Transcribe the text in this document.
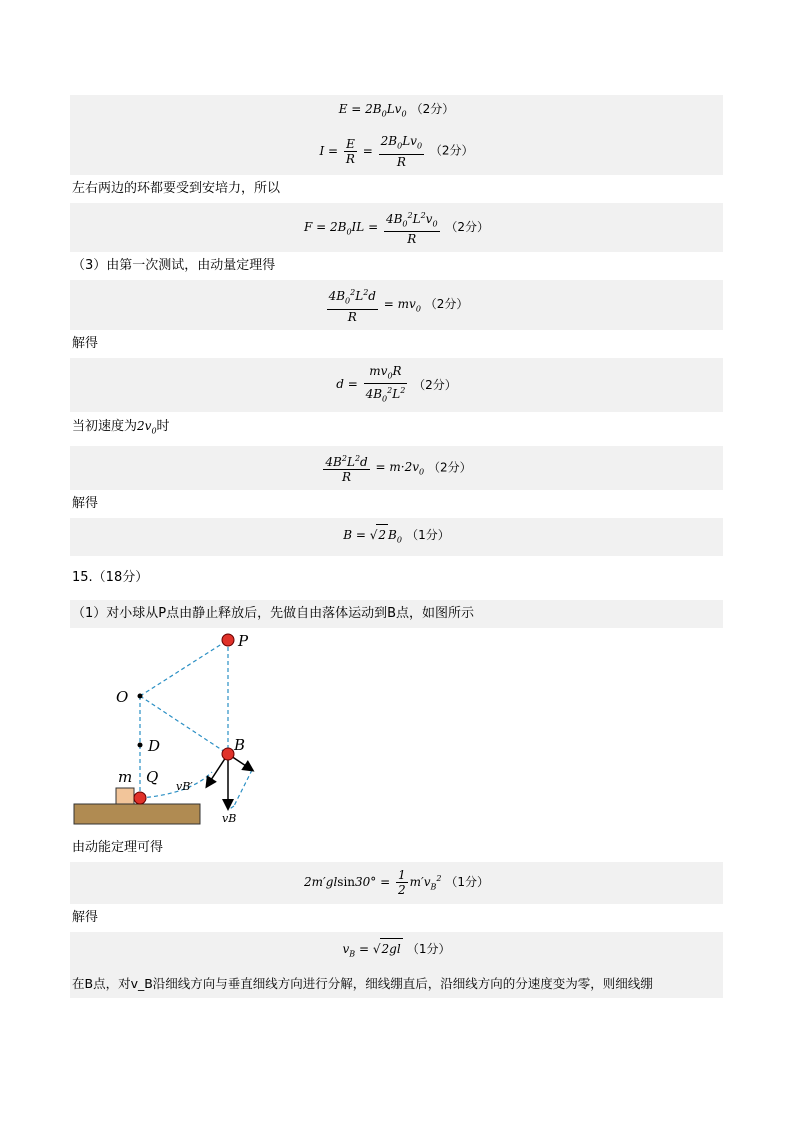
$E = 2B_0Lv_0$ （2分）
$I = \frac{E}{R} = \frac{2B_0Lv_0}{R} (2$分）
左右两边的环都要受到安培力，所以
$F = 2B_0IL = \frac{4B_0^2L^2v_0}{R} (2$分）
（3）由第一次测试，由动量定理得
$\frac{4B_0^2L^2d}{R} = mv_0$ （2分）
解得
$d = \frac{mv_0R}{4B_0^2L^2} (2$分）
当初速度为$2v_0$时
$\frac{4B^2L^2d}{R} = m\cdot 2v_0$ （2分）
解得
B = √2 $B_0$ （1分）
15.（18分）
（1）对小球从P点由静止释放后，先做自由落体运动到B点，如图所示
P
O
D	B
m Q
vB′
vB
由动能定理可得
$2m'glsin30^\circ = \frac{1}{2} m'v_B^2$ （1分）
解得
$v_B = √2gl$ （1分）
在B点，对v_B沿细线方向与垂直细线方向进行分解，细线绷直后，沿细线方向的分速度变为零，则细线绷
